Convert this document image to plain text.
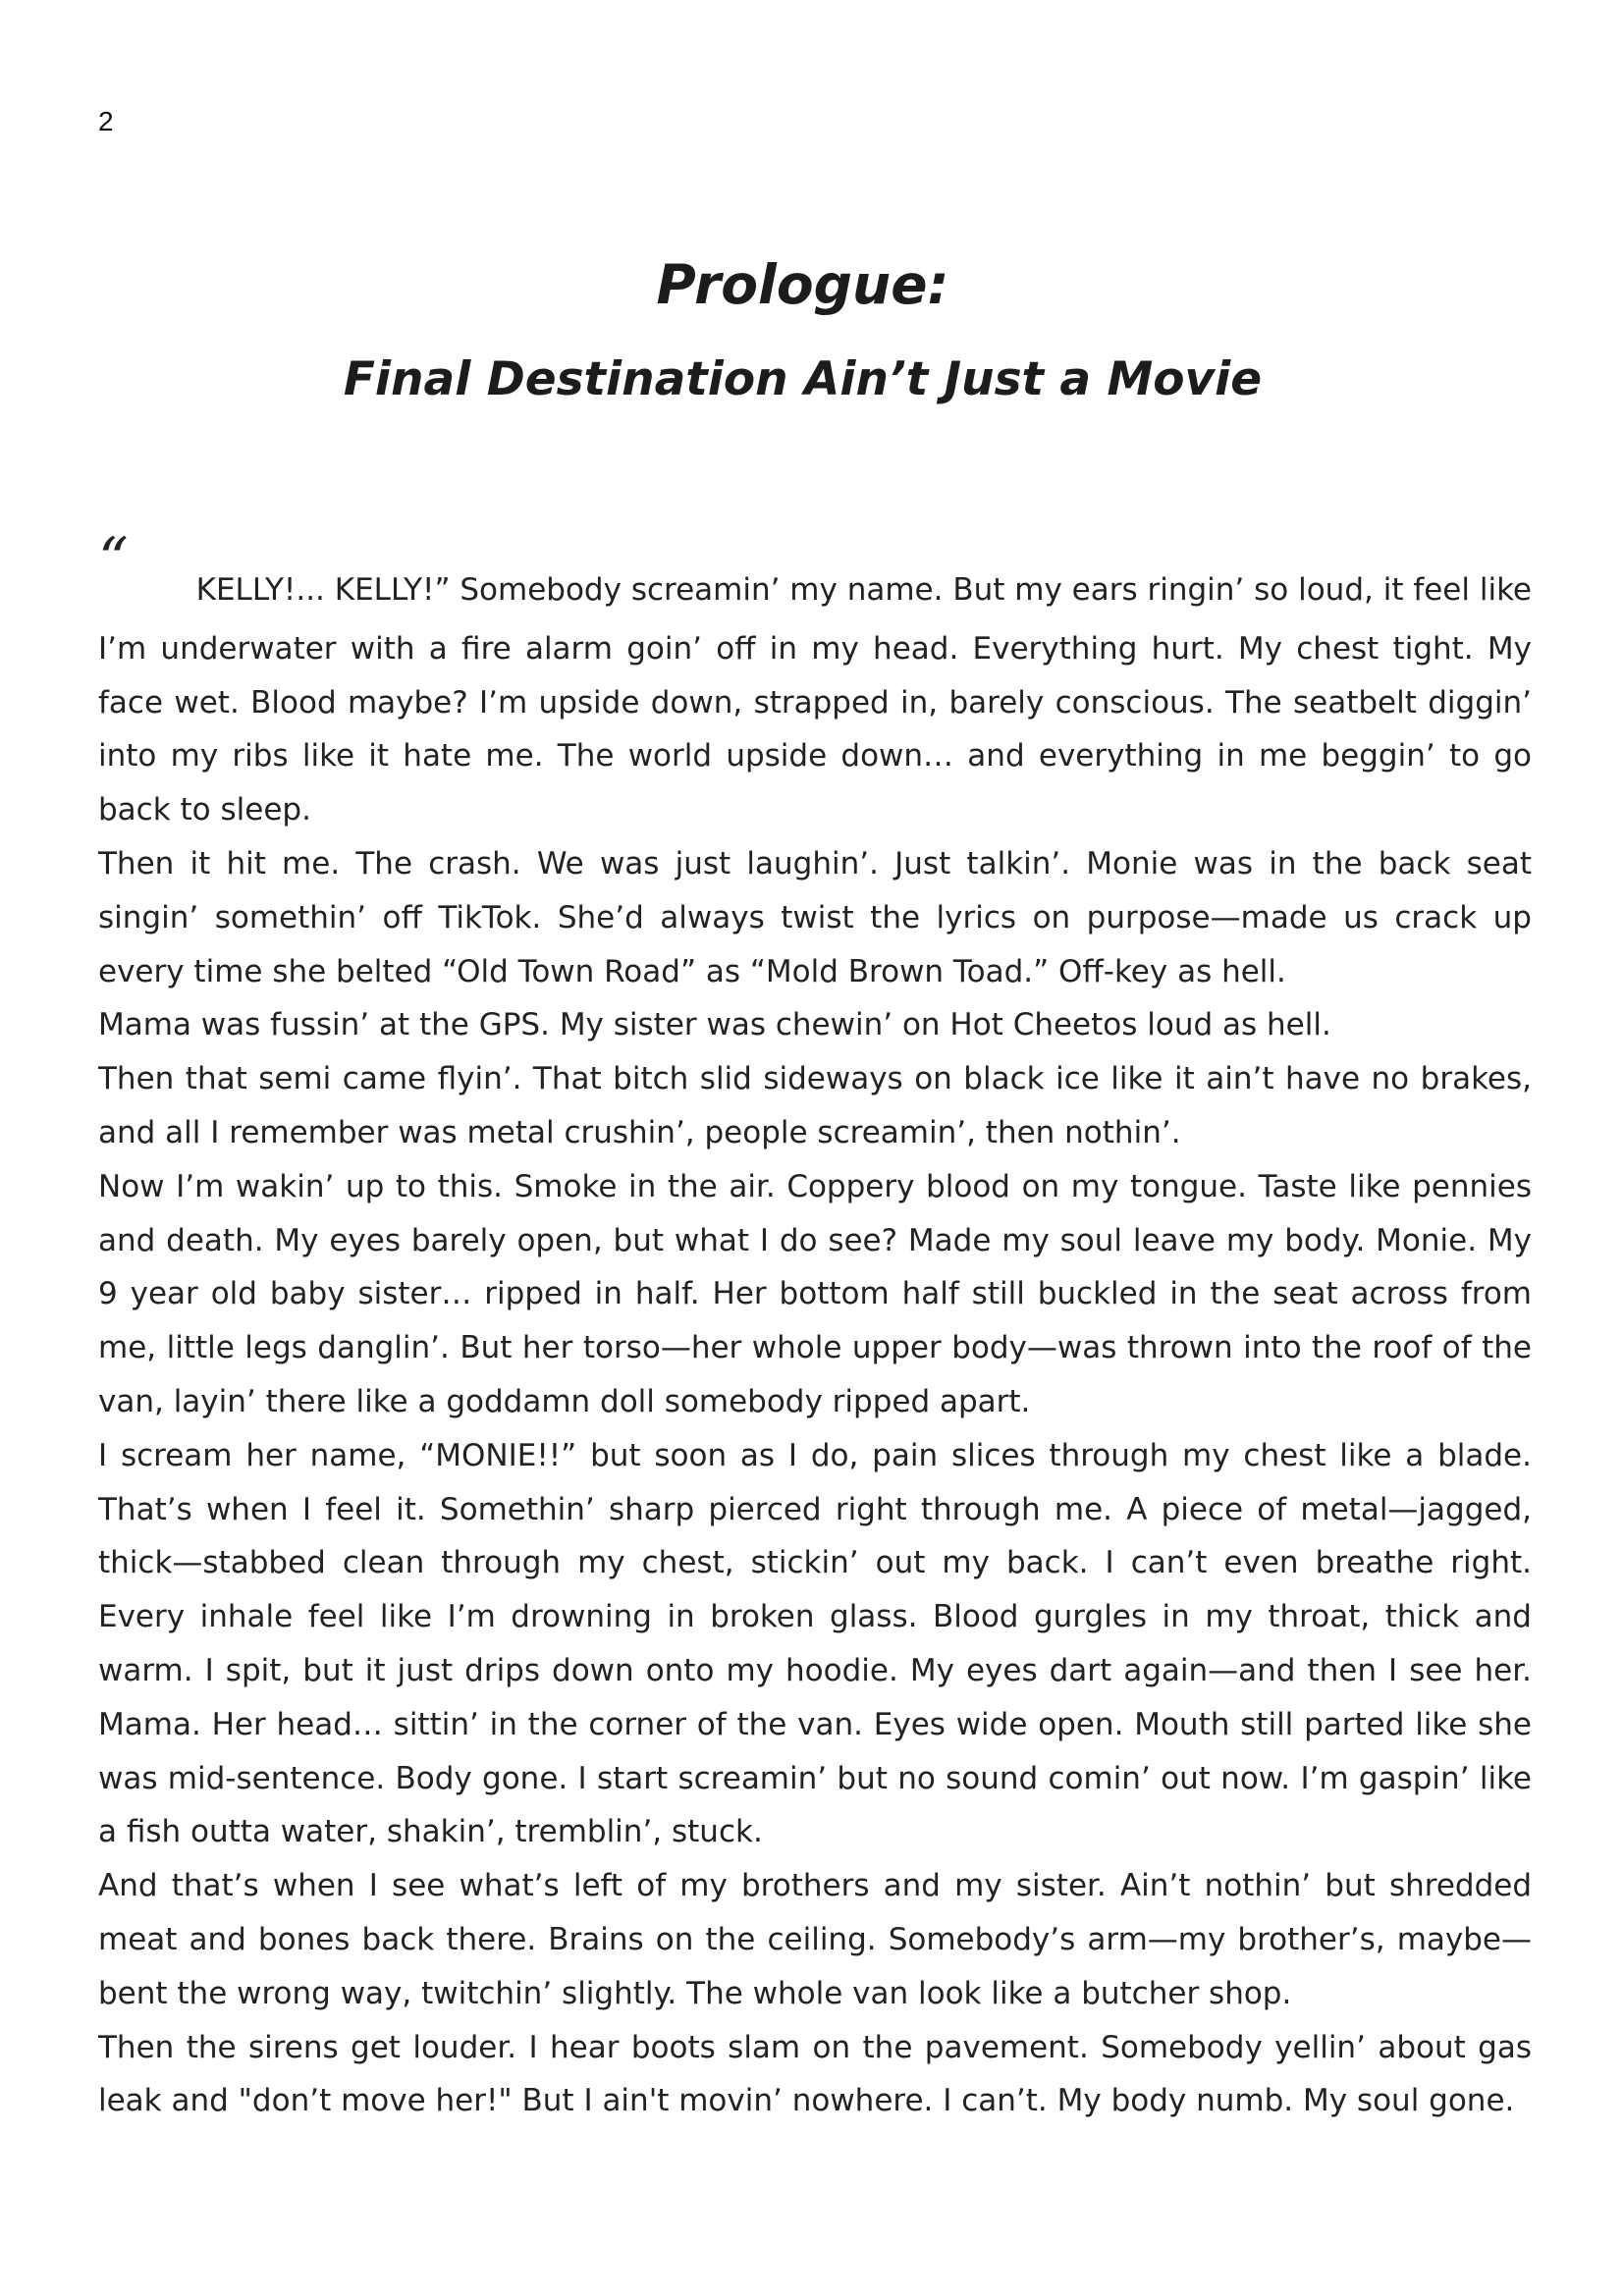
2
Prologue:
Final Destination Ain’t Just a Movie
“	KELLY!... KELLY!” Somebody screamin’ my name. But my ears ringin’ so loud, it feel like

I’m underwater with a fire alarm goin’ off in my head. Everything hurt. My chest tight. My face wet. Blood maybe? I’m upside down, strapped in, barely conscious. The seatbelt diggin’ into my ribs like it hate me. The world upside down… and everything in me beggin’ to go back to sleep.

Then it hit me. The crash. We was just laughin’. Just talkin’. Monie was in the back seat singin’ somethin’ off TikTok. She’d always twist the lyrics on purpose—made us crack up every time she belted “Old Town Road” as “Mold Brown Toad.” Off-key as hell.

Mama was fussin’ at the GPS. My sister was chewin’ on Hot Cheetos loud as hell.

Then that semi came flyin’. That bitch slid sideways on black ice like it ain’t have no brakes, and all I remember was metal crushin’, people screamin’, then nothin’.

Now I’m wakin’ up to this. Smoke in the air. Coppery blood on my tongue. Taste like pennies and death. My eyes barely open, but what I do see? Made my soul leave my body. Monie. My 9 year old baby sister… ripped in half. Her bottom half still buckled in the seat across from me, little legs danglin’. But her torso—her whole upper body—was thrown into the roof of the van, layin’ there like a goddamn doll somebody ripped apart.

I scream her name, “MONIE!!” but soon as I do, pain slices through my chest like a blade. That’s when I feel it. Somethin’ sharp pierced right through me. A piece of metal—jagged, thick—stabbed clean through my chest, stickin’ out my back. I can’t even breathe right. Every inhale feel like I’m drowning in broken glass. Blood gurgles in my throat, thick and warm. I spit, but it just drips down onto my hoodie. My eyes dart again—and then I see her. Mama. Her head… sittin’ in the corner of the van. Eyes wide open. Mouth still parted like she was mid-sentence. Body gone. I start screamin’ but no sound comin’ out now. I’m gaspin’ like a fish outta water, shakin’, tremblin’, stuck.

And that’s when I see what’s left of my brothers and my sister. Ain’t nothin’ but shredded meat and bones back there. Brains on the ceiling. Somebody’s arm—my brother’s, maybe—bent the wrong way, twitchin’ slightly. The whole van look like a butcher shop.

Then the sirens get louder. I hear boots slam on the pavement. Somebody yellin’ about gas leak and "don’t move her!" But I ain't movin’ nowhere. I can’t. My body numb. My soul gone.
